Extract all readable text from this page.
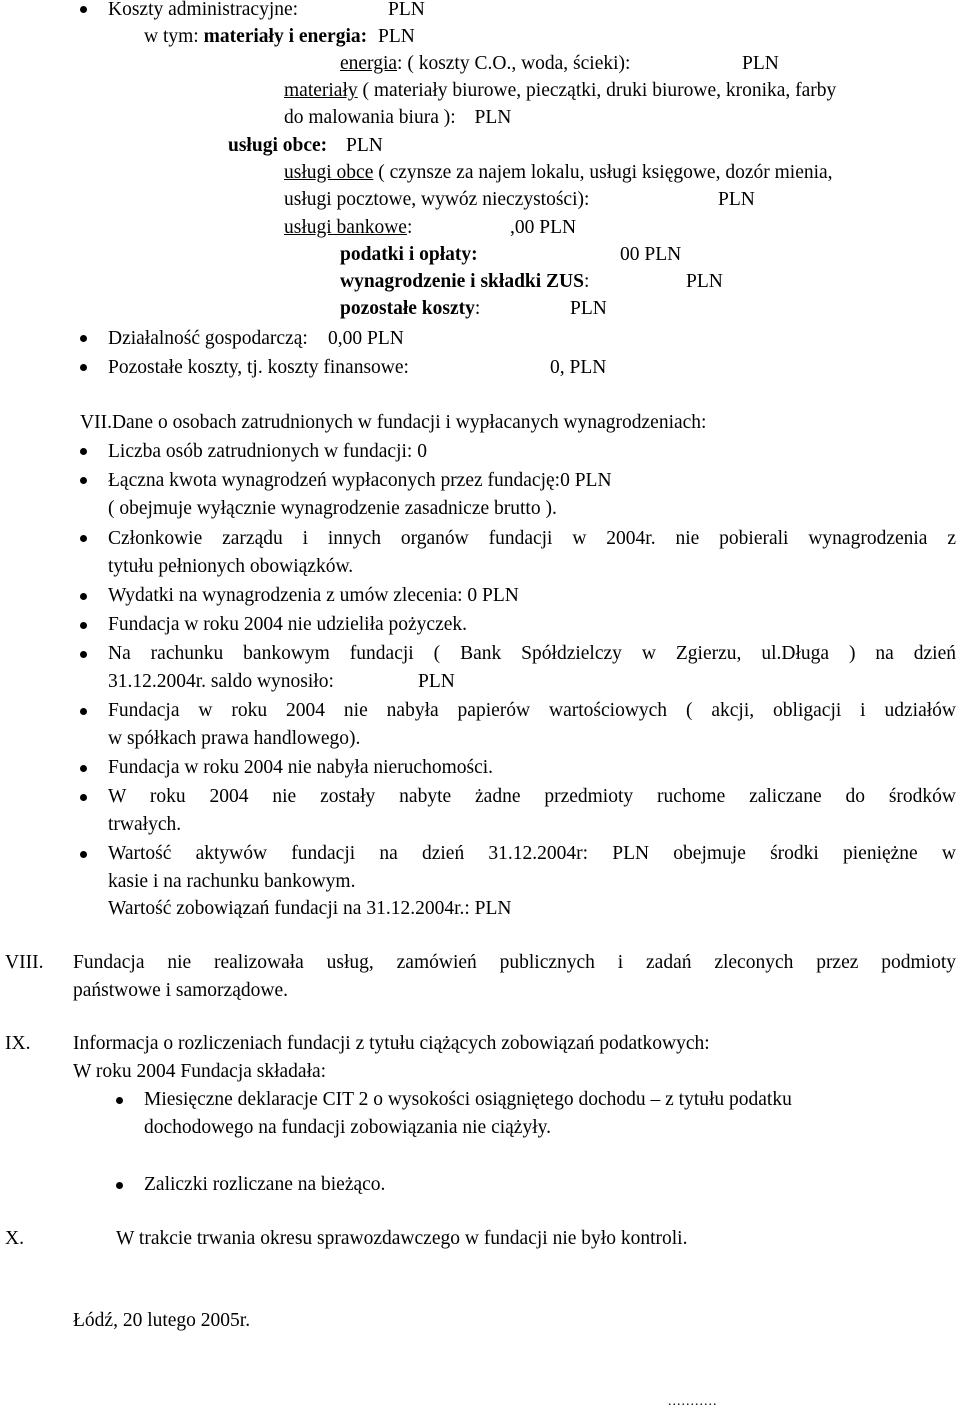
Koszty administracyjne:	PLN
w tym: materiały i energia: PLN
energia: ( koszty C.O., woda, ścieki):	PLN
materiały ( materiały biurowe, pieczątki, druki biurowe, kronika, farby
do malowania biura ): PLN
usługi obce: PLN
usługi obce ( czynsze za najem lokalu, usługi księgowe, dozór mienia,
usługi pocztowe, wywóz nieczystości):	PLN
usługi bankowe:	,00 PLN
podatki i opłaty:	00 PLN
wynagrodzenie i składki ZUS:	PLN
pozostałe koszty:	PLN
Działalność gospodarczą: 0,00 PLN
Pozostałe koszty, tj. koszty finansowe:	0, PLN
VII.Dane o osobach zatrudnionych w fundacji i wypłacanych wynagrodzeniach:
Liczba osób zatrudnionych w fundacji: 0
Łączna kwota wynagrodzeń wypłaconych przez fundację:0 PLN
( obejmuje wyłącznie wynagrodzenie zasadnicze brutto ).
Członkowie zarządu i innych organów fundacji w 2004r. nie pobierali wynagrodzenia z
tytułu pełnionych obowiązków.
Wydatki na wynagrodzenia z umów zlecenia: 0 PLN
Fundacja w roku 2004 nie udzieliła pożyczek.
Na rachunku bankowym fundacji ( Bank Spółdzielczy w Zgierzu, ul.Długa ) na dzień
31.12.2004r. saldo wynosiło:	PLN
Fundacja w roku 2004 nie nabyła papierów wartościowych ( akcji, obligacji i udziałów
w spółkach prawa handlowego).
Fundacja w roku 2004 nie nabyła nieruchomości.
W roku 2004 nie zostały nabyte żadne przedmioty ruchome zaliczane do środków
trwałych.
Wartość aktywów fundacji na dzień 31.12.2004r: PLN obejmuje środki pieniężne w
kasie i na rachunku bankowym.
Wartość zobowiązań fundacji na 31.12.2004r.: PLN
VIII. Fundacja nie realizowała usług, zamówień publicznych i zadań zleconych przez podmioty
państwowe i samorządowe.
IX. Informacja o rozliczeniach fundacji z tytułu ciążących zobowiązań podatkowych:
W roku 2004 Fundacja składała:
Miesięczne deklaracje CIT 2 o wysokości osiągniętego dochodu – z tytułu podatku
dochodowego na fundacji zobowiązania nie ciążyły.
Zaliczki rozliczane na bieżąco.
X.	W trakcie trwania okresu sprawozdawczego w fundacji nie było kontroli.
Łódź, 20 lutego 2005r.
...........
